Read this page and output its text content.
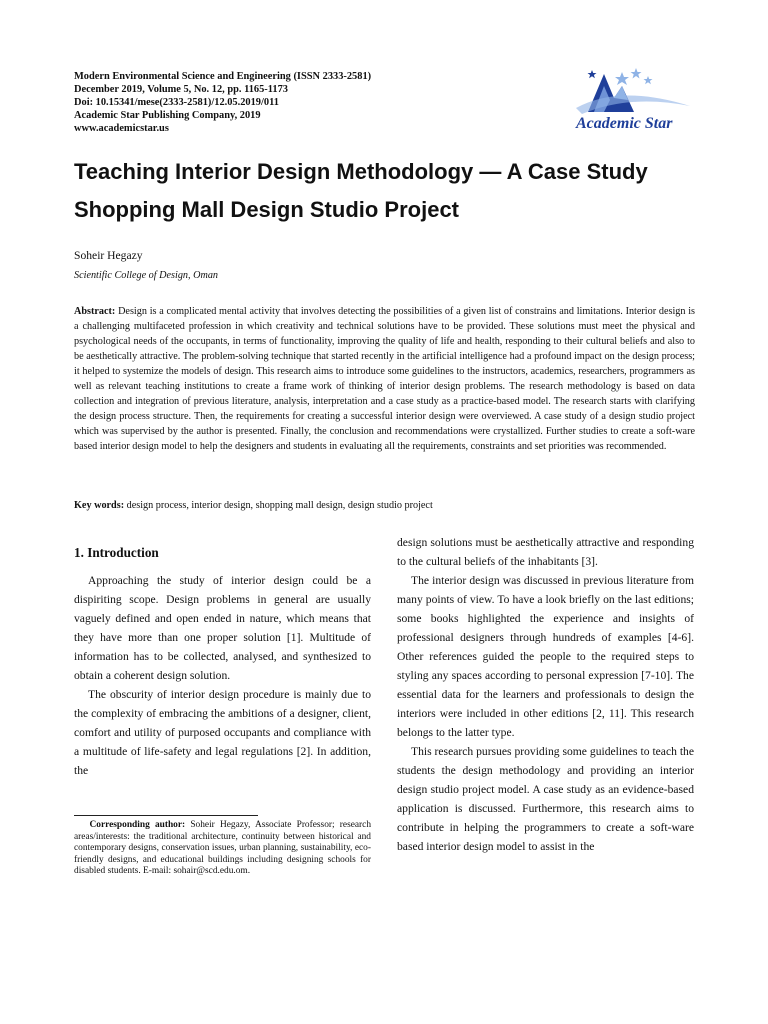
Modern Environmental Science and Engineering (ISSN 2333-2581)
December 2019, Volume 5, No. 12, pp. 1165-1173
Doi: 10.15341/mese(2333-2581)/12.05.2019/011
Academic Star Publishing Company, 2019
www.academicstar.us	Academic Star
Teaching Interior Design Methodology — A Case Study
Shopping Mall Design Studio Project
Soheir Hegazy
Scientific College of Design, Oman
Abstract: Design is a complicated mental activity that involves detecting the possibilities of a given list of constrains and limitations. Interior design is a challenging multifaceted profession in which creativity and technical solutions have to be provided. These solutions must meet the physical and psychological needs of the occupants, in terms of functionality, improving the quality of life and health, responding to their cultural beliefs and also to be aesthetically attractive. The problem-solving technique that started recently in the artificial intelligence had a profound impact on the design process; it helped to systemize the models of design. This research aims to introduce some guidelines to the instructors, academics, researchers, programmers as well as relevant teaching institutions to create a frame work of thinking of interior design problems. The research methodology is based on data collection and integration of previous literature, analysis, interpretation and a case study as a practice-based model. The research starts with clarifying the design process structure. Then, the requirements for creating a successful interior design were overviewed. A case study of a design studio project which was supervised by the author is presented. Finally, the conclusion and recommendations were crystallized. Further studies to create a soft-ware based interior design model to help the designers and students in evaluating all the requirements, constraints and set priorities was recommended.
Key words: design process, interior design, shopping mall design, design studio project
1. Introduction

Approaching the study of interior design could be a dispiriting scope. Design problems in general are usually vaguely defined and open ended in nature, which means that they have more than one proper solution [1]. Multitude of information has to be collected, analysed, and synthesized to obtain a coherent design solution.

The obscurity of interior design procedure is mainly due to the complexity of embracing the ambitions of a designer, client, comfort and utility of purposed occupants and compliance with a multitude of life-safety and legal regulations [2]. In addition, the

design solutions must be aesthetically attractive and responding to the cultural beliefs of the inhabitants [3].

The interior design was discussed in previous literature from many points of view. To have a look briefly on the last editions; some books highlighted the experience and insights of professional designers through hundreds of examples [4-6]. Other references guided the people to the required steps to styling any spaces according to personal expression [7-10]. The essential data for the learners and professionals to design the interiors were included in other editions [2, 11]. This research belongs to the latter type.

This research pursues providing some guidelines to teach the students the design methodology and providing an interior design studio project model. A case study as an evidence-based application is discussed. Furthermore, this research aims to contribute in helping the programmers to create a soft-ware based interior design model to assist in the

Corresponding author: Soheir Hegazy, Associate Professor; research areas/interests: the traditional architecture, continuity between historical and contemporary designs, conservation issues, urban planning, sustainability, eco-friendly designs, and educational buildings including designing schools for disabled students. E-mail: sohair@scd.edu.om.
